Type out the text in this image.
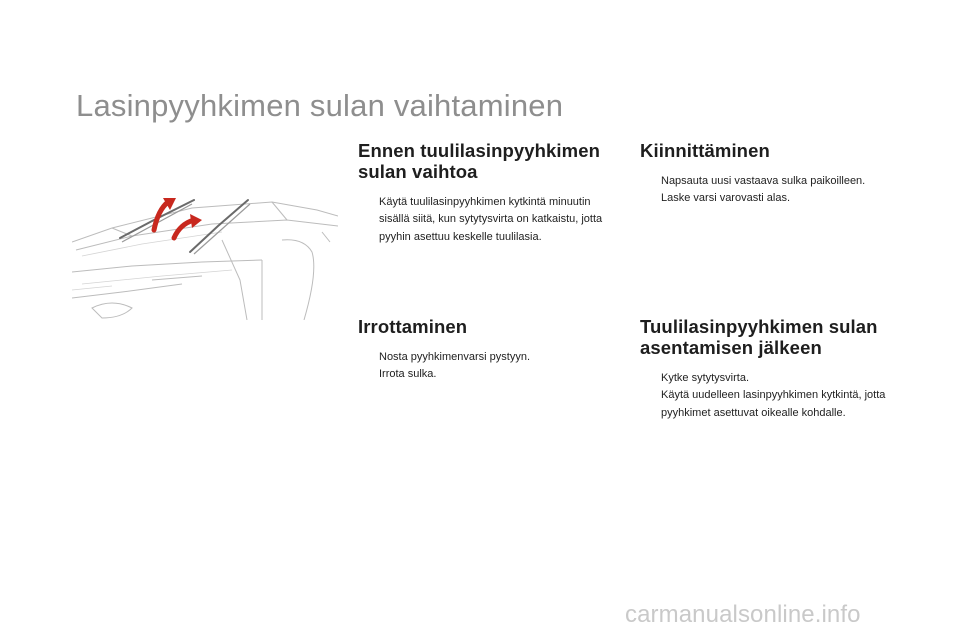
Lasinpyyhkimen sulan vaihtaminen
Ennen tuulilasinpyyhkimen sulan vaihtoa
Käytä tuulilasinpyyhkimen kytkintä minuutin sisällä siitä, kun sytytysvirta on katkaistu, jotta pyyhin asettuu keskelle tuulilasia.
Kiinnittäminen
Napsauta uusi vastaava sulka paikoilleen.
Laske varsi varovasti alas.
Irrottaminen
Nosta pyyhkimenvarsi pystyyn.
Irrota sulka.
Tuulilasinpyyhkimen sulan asentamisen jälkeen
Kytke sytytysvirta.
Käytä uudelleen lasinpyyhkimen kytkintä, jotta pyyhkimet asettuvat oikealle kohdalle.
carmanualsonline.info
